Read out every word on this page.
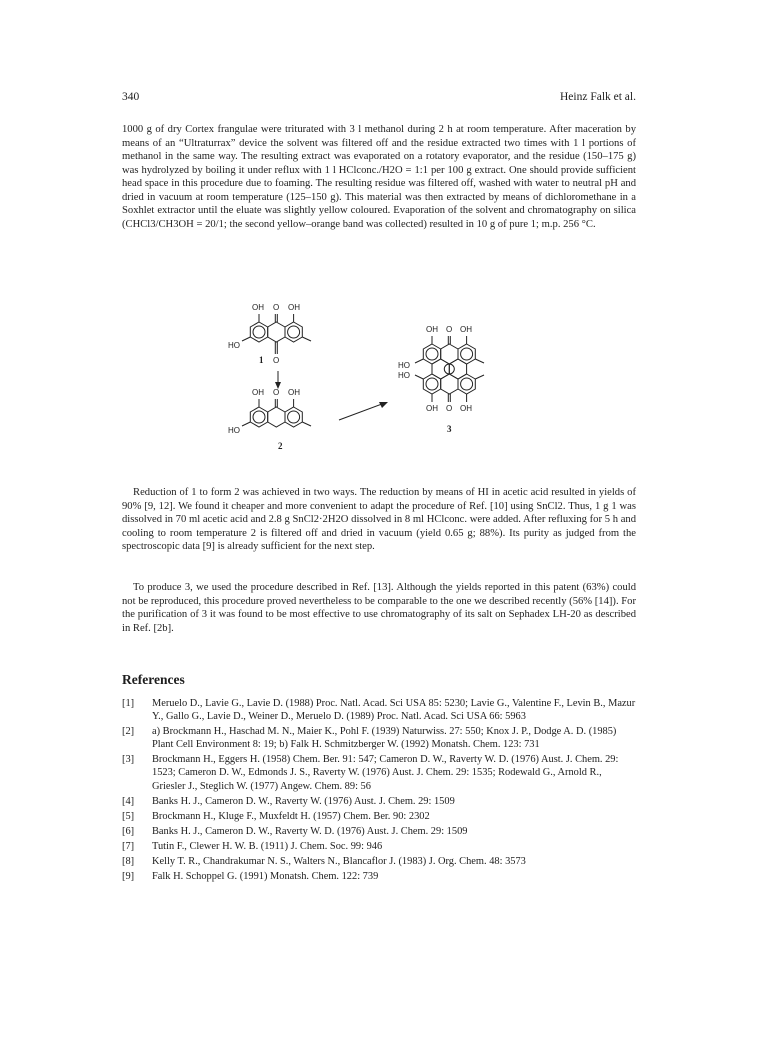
340	Heinz Falk et al.

1000 g of dry Cortex frangulae were triturated with 3 l methanol during 2 h at room temperature. After maceration by means of an “Ultraturrax” device the solvent was filtered off and the residue extracted two times with 1 l portions of methanol in the same way. The resulting extract was evaporated on a rotatory evaporator, and the residue (150–175 g) was hydrolyzed by boiling it under reflux with 1 l HClconc./H2O = 1:1 per 100 g extract. One should provide sufficient head space in this procedure due to foaming. The resulting residue was filtered off, washed with water to neutral pH and dried in vacuum at room temperature (125–150 g). This material was then extracted by means of dichloromethane in a Soxhlet extractor until the eluate was slightly yellow coloured. Evaporation of the solvent and chromatography on silica (CHCl3/CH3OH = 20/1; the second yellow–orange band was collected) resulted in 10 g of pure 1; m.p. 256 °C.

OH O OH
HO
O
1
OH O OH
HO
2
OH O OH
HO
HO
OH O OH
3

Reduction of 1 to form 2 was achieved in two ways. The reduction by means of HI in acetic acid resulted in yields of 90% [9, 12]. We found it cheaper and more convenient to adapt the procedure of Ref. [10] using SnCl2. Thus, 1 g 1 was dissolved in 70 ml acetic acid and 2.8 g SnCl2·2H2O dissolved in 8 ml HClconc. were added. After refluxing for 5 h and cooling to room temperature 2 is filtered off and dried in vacuum (yield 0.65 g; 88%). Its purity as judged from the spectroscopic data [9] is already sufficient for the next step.

To produce 3, we used the procedure described in Ref. [13]. Although the yields reported in this patent (63%) could not be reproduced, this procedure proved nevertheless to be comparable to the one we described recently (56% [14]). For the purification of 3 it was found to be most effective to use chromatography of its salt on Sephadex LH-20 as described in Ref. [2b].

References
[1]	Meruelo D., Lavie G., Lavie D. (1988) Proc. Natl. Acad. Sci USA 85: 5230; Lavie G., Valentine F., Levin B., Mazur Y., Gallo G., Lavie D., Weiner D., Meruelo D. (1989) Proc. Natl. Acad. Sci USA 66: 5963
[2]	a) Brockmann H., Haschad M. N., Maier K., Pohl F. (1939) Naturwiss. 27: 550; Knox J. P., Dodge A. D. (1985) Plant Cell Environment 8: 19; b) Falk H. Schmitzberger W. (1992) Monatsh. Chem. 123: 731
[3]	Brockmann H., Eggers H. (1958) Chem. Ber. 91: 547; Cameron D. W., Raverty W. D. (1976) Aust. J. Chem. 29: 1523; Cameron D. W., Edmonds J. S., Raverty W. (1976) Aust. J. Chem. 29: 1535; Rodewald G., Arnold R., Griesler J., Steglich W. (1977) Angew. Chem. 89: 56
[4]	Banks H. J., Cameron D. W., Raverty W. (1976) Aust. J. Chem. 29: 1509
[5]	Brockmann H., Kluge F., Muxfeldt H. (1957) Chem. Ber. 90: 2302
[6]	Banks H. J., Cameron D. W., Raverty W. D. (1976) Aust. J. Chem. 29: 1509
[7]	Tutin F., Clewer H. W. B. (1911) J. Chem. Soc. 99: 946
[8]	Kelly T. R., Chandrakumar N. S., Walters N., Blancaflor J. (1983) J. Org. Chem. 48: 3573
[9]	Falk H. Schoppel G. (1991) Monatsh. Chem. 122: 739
